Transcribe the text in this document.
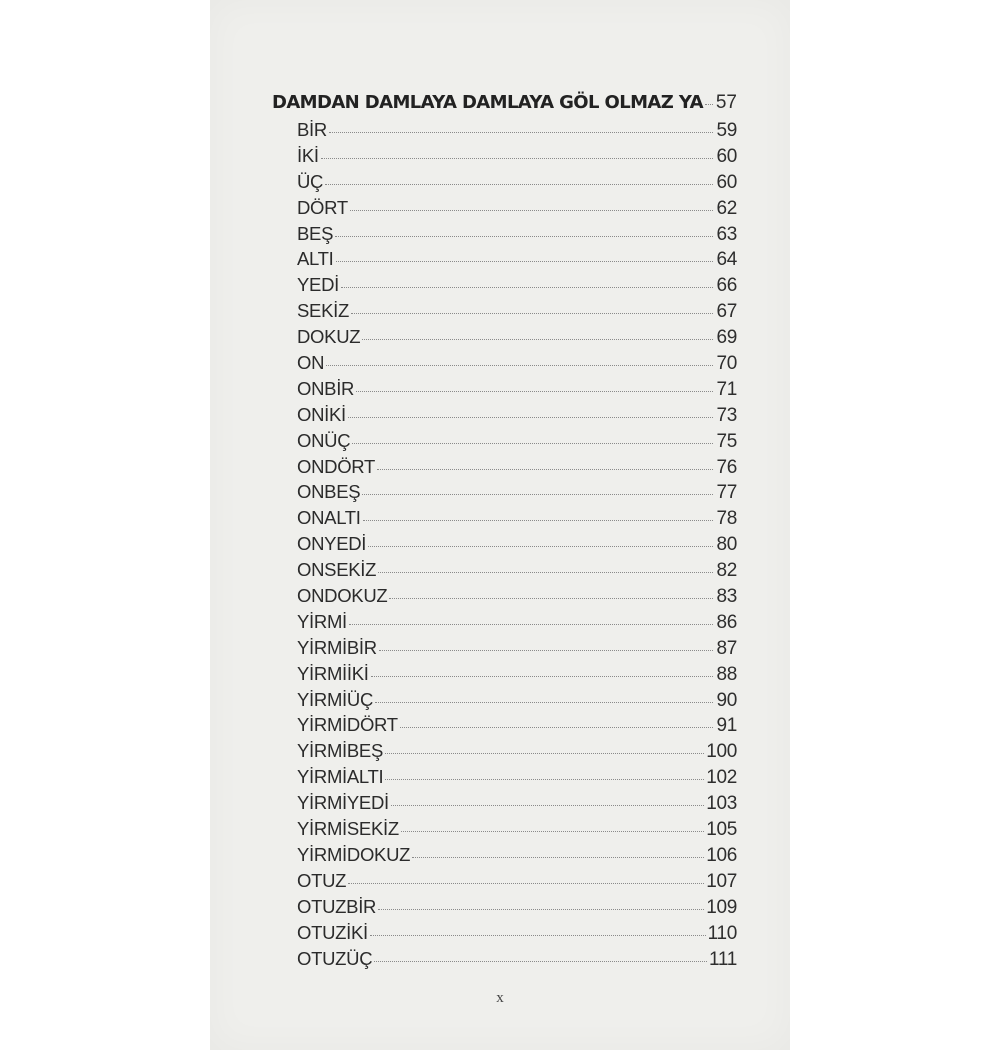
DAMDAN DAMLAYA DAMLAYA GÖL OLMAZ YA 57
BİR	59
İKİ	60
ÜÇ	60
DÖRT	62
BEŞ	63
ALTI	64
YEDİ	66
SEKİZ	67
DOKUZ	69
ON	70
ONBİR	71
ONİKİ	73
ONÜÇ	75
ONDÖRT	76
ONBEŞ	77
ONALTI	78
ONYEDİ	80
ONSEKİZ	82
ONDOKUZ	83
YİRMİ	86
YİRMİBİR	87
YİRMİİKİ	88
YİRMİÜÇ	90
YİRMİDÖRT	91
YİRMİBEŞ	100
YİRMİALTI	102
YİRMİYEDİ	103
YİRMİSEKİZ	105
YİRMİDOKUZ	106
OTUZ	107
OTUZBİR	109
OTUZİKİ	110
OTUZÜÇ	111
x
